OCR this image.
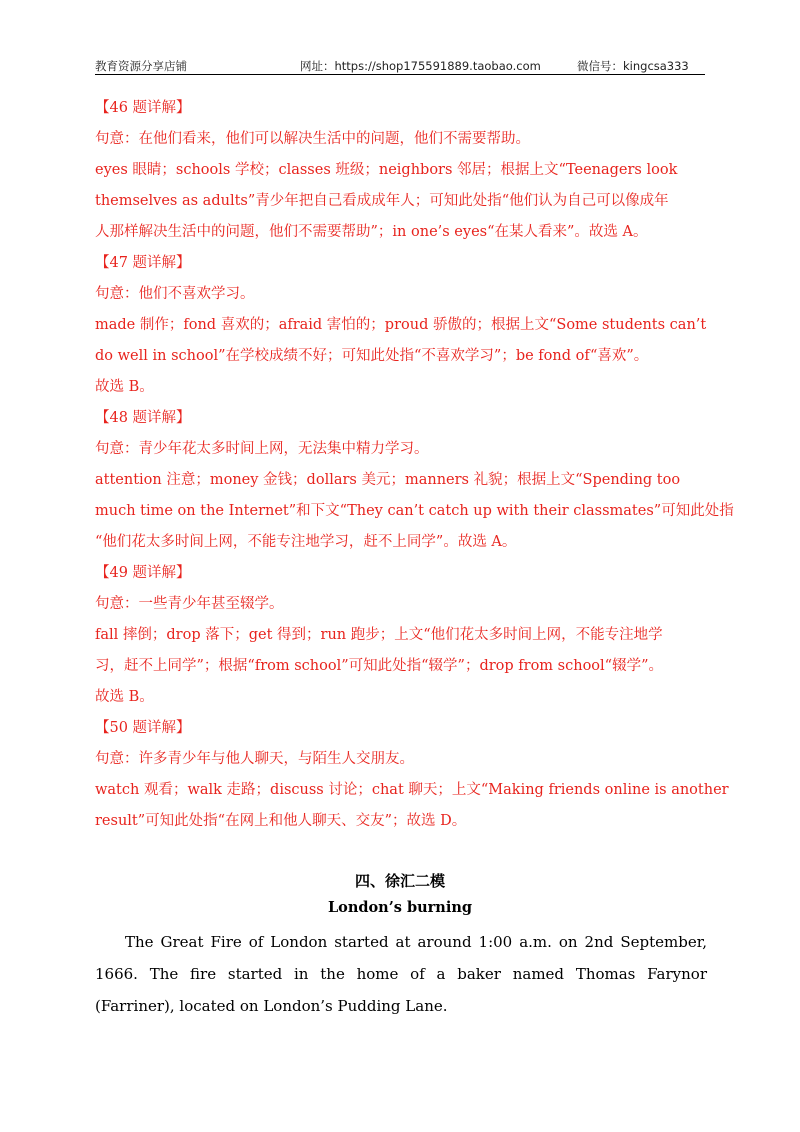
教育资源分享店铺	网址：https://shop175591889.taobao.com	微信号：kingcsa333
【46 题详解】
句意：在他们看来，他们可以解决生活中的问题，他们不需要帮助。
eyes 眼睛；schools 学校；classes 班级；neighbors 邻居；根据上文“Teenagers look
themselves as adults”青少年把自己看成成年人；可知此处指“他们认为自己可以像成年
人那样解决生活中的问题，他们不需要帮助”；in one’s eyes“在某人看来”。故选 A。
【47 题详解】
句意：他们不喜欢学习。
made 制作；fond 喜欢的；afraid 害怕的；proud 骄傲的；根据上文“Some students can’t
do well in school”在学校成绩不好；可知此处指“不喜欢学习”；be fond of“喜欢”。
故选 B。
【48 题详解】
句意：青少年花太多时间上网，无法集中精力学习。
attention 注意；money 金钱；dollars 美元；manners 礼貌；根据上文“Spending too
much time on the Internet”和下文“They can’t catch up with their classmates”可知此处指
“他们花太多时间上网，不能专注地学习，赶不上同学”。故选 A。
【49 题详解】
句意：一些青少年甚至辍学。
fall 摔倒；drop 落下；get 得到；run 跑步；上文“他们花太多时间上网，不能专注地学
习，赶不上同学”；根据“from school”可知此处指“辍学”；drop from school“辍学”。
故选 B。
【50 题详解】
句意：许多青少年与他人聊天，与陌生人交朋友。
watch 观看；walk 走路；discuss 讨论；chat 聊天；上文“Making friends online is another
result”可知此处指“在网上和他人聊天、交友”；故选 D。
四、徐汇二模
London’s burning

The Great Fire of London started at around 1:00 a.m. on 2nd September, 1666. The fire started in the home of a baker named Thomas Farynor (Farriner), located on London’s Pudding Lane.
